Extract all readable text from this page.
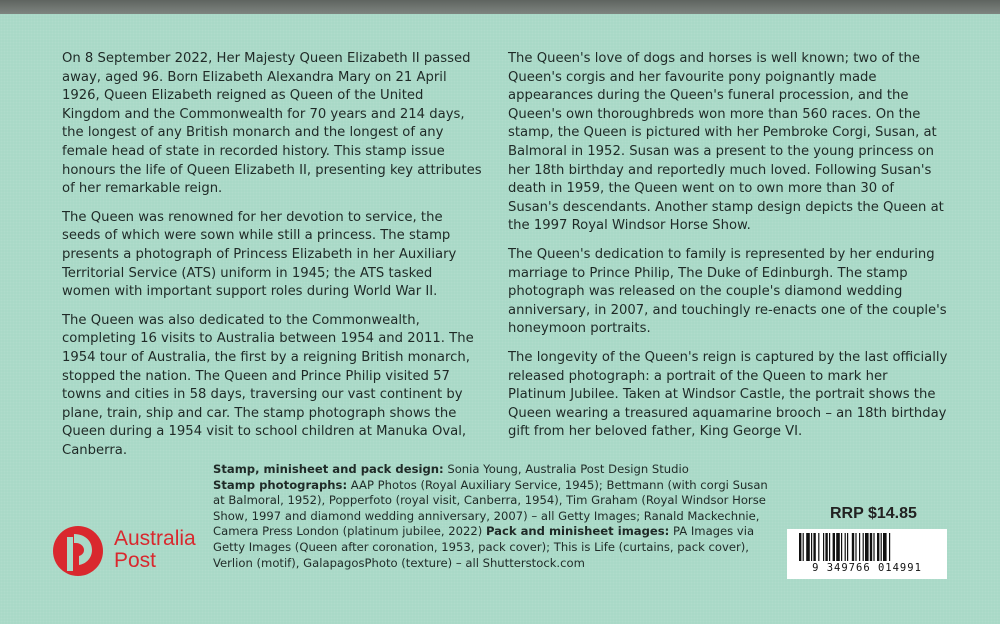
On 8 September 2022, Her Majesty Queen Elizabeth II passed away, aged 96. Born Elizabeth Alexandra Mary on 21 April 1926, Queen Elizabeth reigned as Queen of the United Kingdom and the Commonwealth for 70 years and 214 days, the longest of any British monarch and the longest of any female head of state in recorded history. This stamp issue honours the life of Queen Elizabeth II, presenting key attributes of her remarkable reign.

The Queen was renowned for her devotion to service, the seeds of which were sown while still a princess. The stamp presents a photograph of Princess Elizabeth in her Auxiliary Territorial Service (ATS) uniform in 1945; the ATS tasked women with important support roles during World War II.

The Queen was also dedicated to the Commonwealth, completing 16 visits to Australia between 1954 and 2011. The 1954 tour of Australia, the first by a reigning British monarch, stopped the nation. The Queen and Prince Philip visited 57 towns and cities in 58 days, traversing our vast continent by plane, train, ship and car. The stamp photograph shows the Queen during a 1954 visit to school children at Manuka Oval, Canberra.

The Queen's love of dogs and horses is well known; two of the Queen's corgis and her favourite pony poignantly made appearances during the Queen's funeral procession, and the Queen's own thoroughbreds won more than 560 races. On the stamp, the Queen is pictured with her Pembroke Corgi, Susan, at Balmoral in 1952. Susan was a present to the young princess on her 18th birthday and reportedly much loved. Following Susan's death in 1959, the Queen went on to own more than 30 of Susan's descendants. Another stamp design depicts the Queen at the 1997 Royal Windsor Horse Show.

The Queen's dedication to family is represented by her enduring marriage to Prince Philip, The Duke of Edinburgh. The stamp photograph was released on the couple's diamond wedding anniversary, in 2007, and touchingly re-enacts one of the couple's honeymoon portraits.

The longevity of the Queen's reign is captured by the last officially released photograph: a portrait of the Queen to mark her Platinum Jubilee. Taken at Windsor Castle, the portrait shows the Queen wearing a treasured aquamarine brooch – an 18th birthday gift from her beloved father, King George VI.

Stamp, minisheet and pack design: Sonia Young, Australia Post Design Studio
Stamp photographs: AAP Photos (Royal Auxiliary Service, 1945); Bettmann (with corgi Susan at Balmoral, 1952), Popperfoto (royal visit, Canberra, 1954), Tim Graham (Royal Windsor Horse Show, 1997 and diamond wedding anniversary, 2007) – all Getty Images; Ranald Mackechnie, Camera Press London (platinum jubilee, 2022) Pack and minisheet images: PA Images via Getty Images (Queen after coronation, 1953, pack cover); This is Life (curtains, pack cover), Verlion (motif), GalapagosPhoto (texture) – all Shutterstock.com
Australia
Post
RRP $14.85
9 349766 014991
